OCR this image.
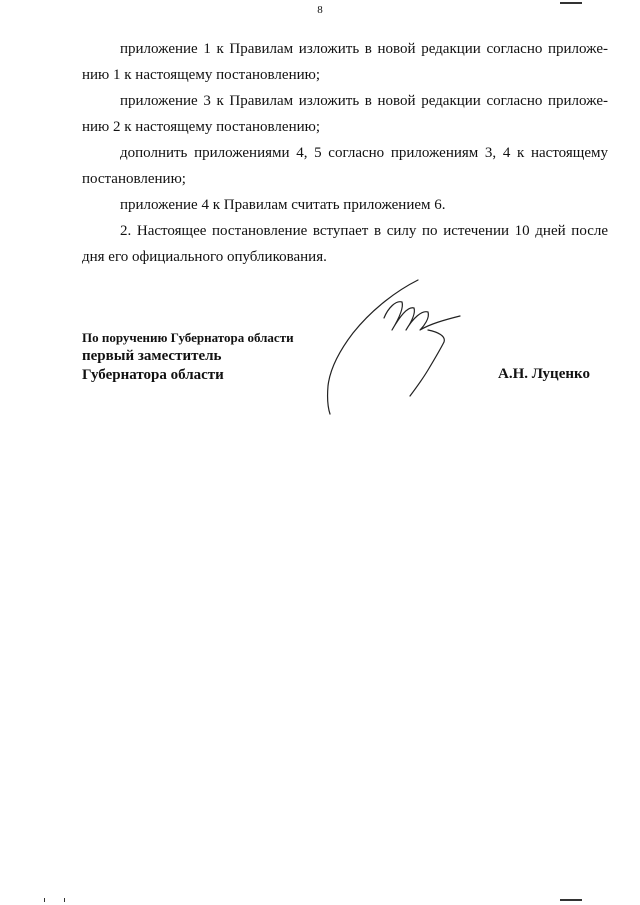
8

приложение 1 к Правилам изложить в новой редакции согласно приложению 1 к настоящему постановлению;

приложение 3 к Правилам изложить в новой редакции согласно приложению 2 к настоящему постановлению;

дополнить приложениями 4, 5 согласно приложениям 3, 4 к настоящему постановлению;

приложение 4 к Правилам считать приложением 6.

2. Настоящее постановление вступает в силу по истечении 10 дней после дня его официального опубликования.

По поручению Губернатора области
первый заместитель
Губернатора области	А.Н. Луценко
